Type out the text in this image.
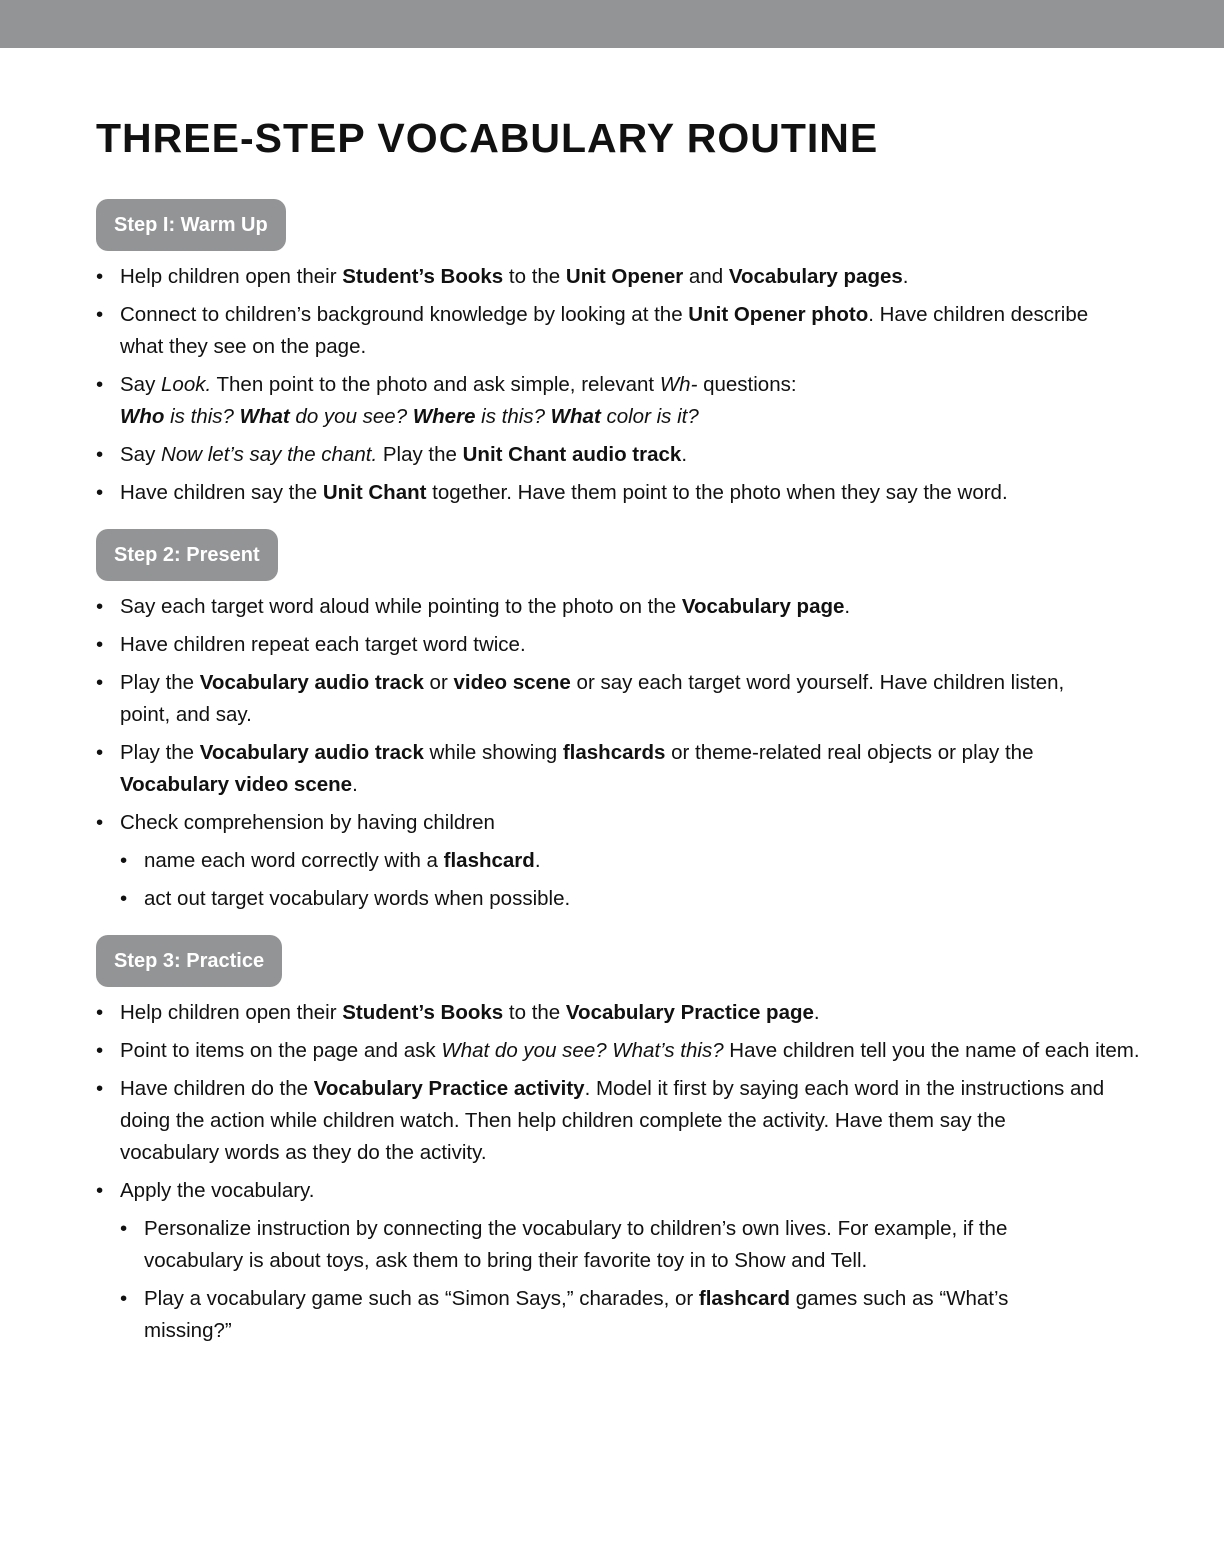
THREE-STEP VOCABULARY ROUTINE
Step I: Warm Up
• Help children open their Student’s Books to the Unit Opener and Vocabulary pages.
• Connect to children’s background knowledge by looking at the Unit Opener photo. Have children describe what they see on the page.
• Say Look. Then point to the photo and ask simple, relevant Wh- questions:
Who is this? What do you see? Where is this? What color is it?
• Say Now let’s say the chant. Play the Unit Chant audio track.
• Have children say the Unit Chant together. Have them point to the photo when they say the word.
Step 2: Present
• Say each target word aloud while pointing to the photo on the Vocabulary page.
• Have children repeat each target word twice.
• Play the Vocabulary audio track or video scene or say each target word yourself. Have children listen, point, and say.
• Play the Vocabulary audio track while showing flashcards or theme-related real objects or play the Vocabulary video scene.
• Check comprehension by having children
• name each word correctly with a flashcard.
• act out target vocabulary words when possible.
Step 3: Practice
• Help children open their Student’s Books to the Vocabulary Practice page.
• Point to items on the page and ask What do you see? What’s this? Have children tell you the name of each item.
• Have children do the Vocabulary Practice activity. Model it first by saying each word in the instructions and doing the action while children watch. Then help children complete the activity. Have them say the vocabulary words as they do the activity.
• Apply the vocabulary.
• Personalize instruction by connecting the vocabulary to children’s own lives. For example, if the vocabulary is about toys, ask them to bring their favorite toy in to Show and Tell.
• Play a vocabulary game such as “Simon Says,” charades, or flashcard games such as “What’s missing?”
